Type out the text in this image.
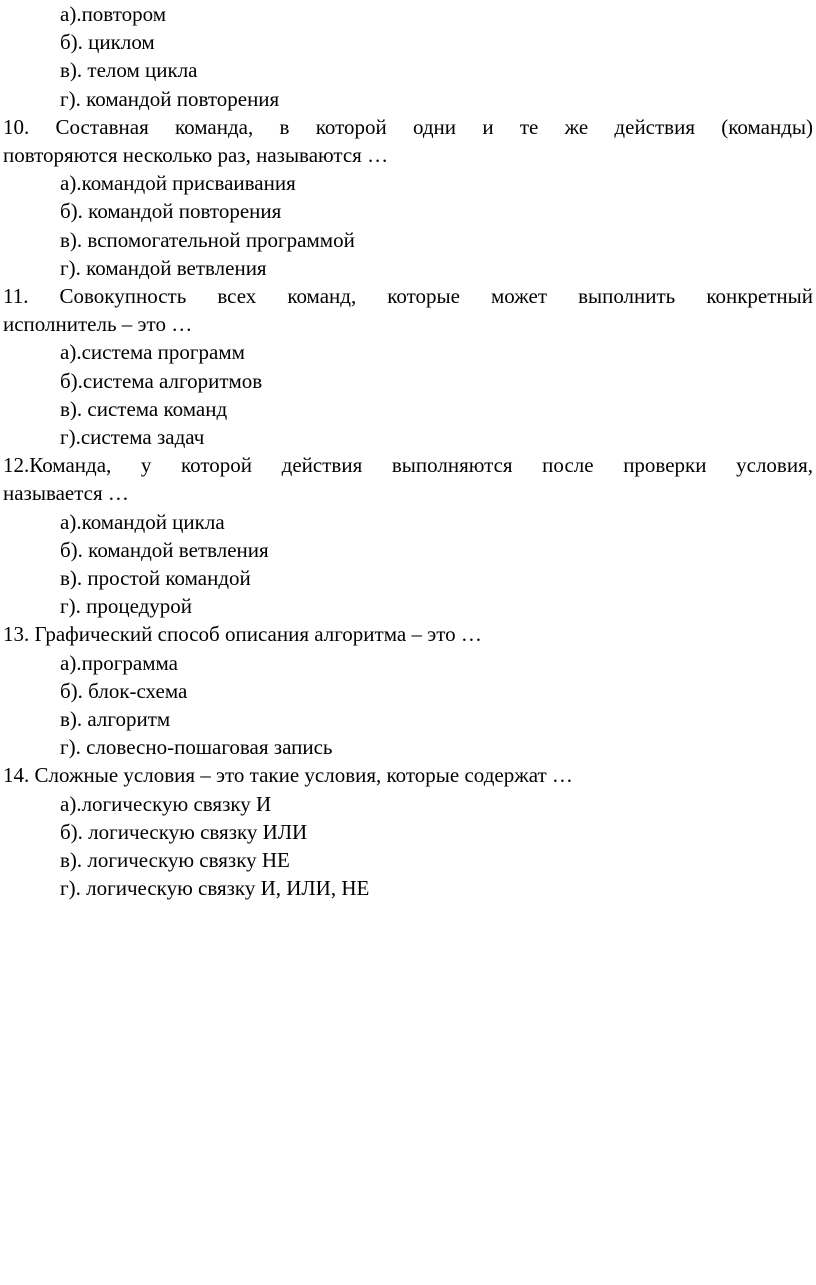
а).повтором
б). циклом
в). телом цикла
г). командой повторения
10. Составная команда, в которой одни и те же действия (команды)
повторяются несколько раз, называются …
а).командой присваивания
б). командой повторения
в). вспомогательной программой
г). командой ветвления
11. Совокупность всех команд, которые может выполнить конкретный
исполнитель – это …
а).система программ
б).система алгоритмов
в). система команд
г).система задач
12.Команда, у которой действия выполняются после проверки условия,
называется …
а).командой цикла
б). командой ветвления
в). простой командой
г). процедурой
13. Графический способ описания алгоритма – это …
а).программа
б). блок-схема
в). алгоритм
г). словесно-пошаговая запись
14. Сложные условия – это такие условия, которые содержат …
а).логическую связку И
б). логическую связку ИЛИ
в). логическую связку НЕ
г). логическую связку И, ИЛИ, НЕ
